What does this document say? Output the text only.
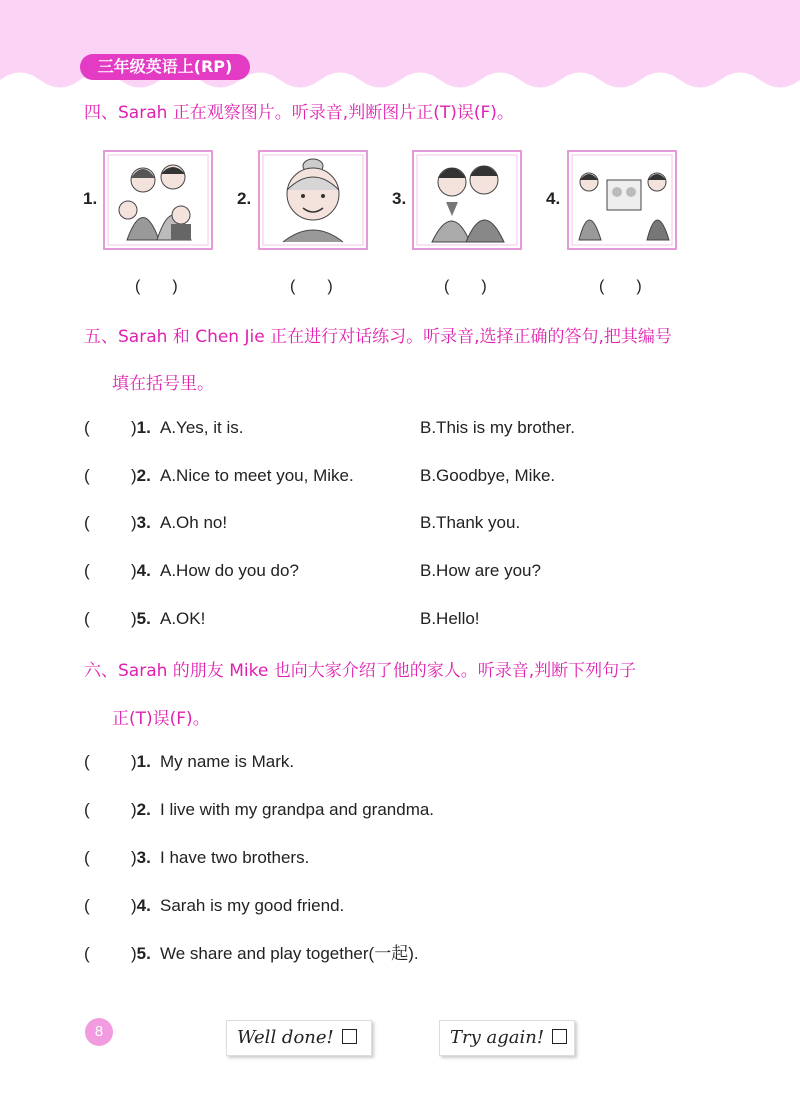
三年级英语上(RP)
四、Sarah 正在观察图片。听录音,判断图片正(T)误(F)。
1.	2.	3.	4.
(　　)	(　　)	(　　)	(　　)
五、Sarah 和 Chen Jie 正在进行对话练习。听录音,选择正确的答句,把其编号
填在括号里。
( )1. A.Yes, it is.	B.This is my brother.
( )2. A.Nice to meet you, Mike.	B.Goodbye, Mike.
( )3. A.Oh no!	B.Thank you.
( )4. A.How do you do?	B.How are you?
( )5. A.OK!	B.Hello!
六、Sarah 的朋友 Mike 也向大家介绍了他的家人。听录音,判断下列句子
正(T)误(F)。
( )1. My name is Mark.
( )2. I live with my grandpa and grandma.
( )3. I have two brothers.
( )4. Sarah is my good friend.
( )5. We share and play together(一起).
8	Well done!	Try again!
